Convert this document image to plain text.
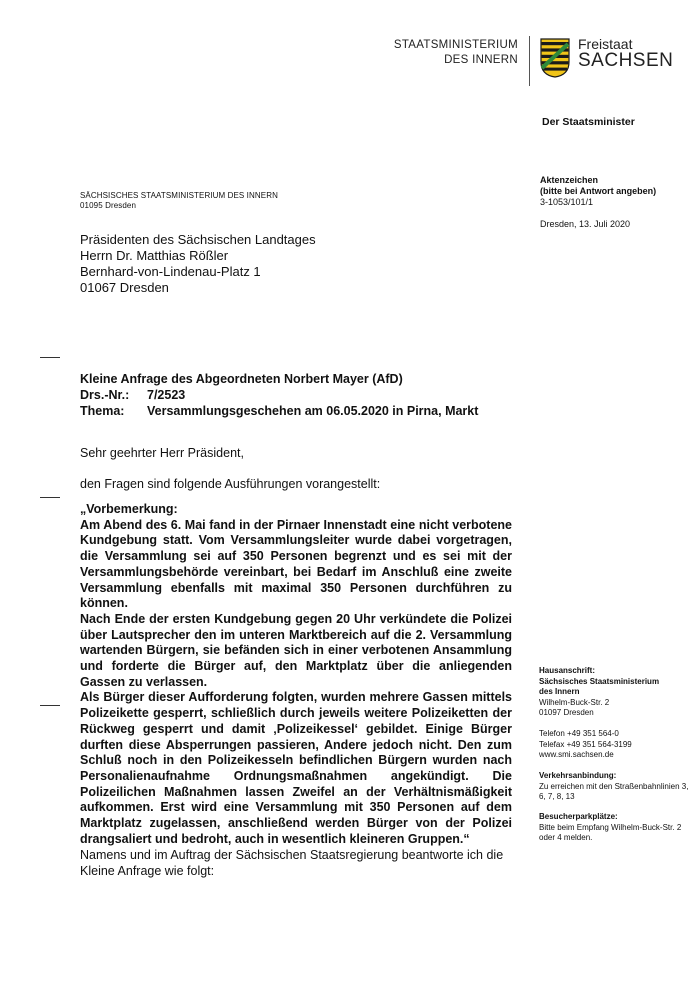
STAATSMINISTERIUM
DES INNERN
Freistaat
SACHSEN
Der Staatsminister
Aktenzeichen
(bitte bei Antwort angeben)
3-1053/101/1
Dresden, 13. Juli 2020
SÄCHSISCHES STAATSMINISTERIUM DES INNERN
01095 Dresden
Präsidenten des Sächsischen Landtages
Herrn Dr. Matthias Rößler
Bernhard-von-Lindenau-Platz 1
01067 Dresden
Kleine Anfrage des Abgeordneten Norbert Mayer (AfD)
Drs.-Nr.: 7/2523
Thema: Versammlungsgeschehen am 06.05.2020 in Pirna, Markt
Sehr geehrter Herr Präsident,
den Fragen sind folgende Ausführungen vorangestellt:

„Vorbemerkung:

Am Abend des 6. Mai fand in der Pirnaer Innenstadt eine nicht verbotene Kundgebung statt. Vom Versammlungsleiter wurde dabei vorgetragen, die Versammlung sei auf 350 Personen begrenzt und es sei mit der Versammlungsbehörde vereinbart, bei Bedarf im Anschluß eine zweite Versammlung ebenfalls mit maximal 350 Personen durchführen zu können.

Nach Ende der ersten Kundgebung gegen 20 Uhr verkündete die Polizei über Lautsprecher den im unteren Marktbereich auf die 2. Versammlung wartenden Bürgern, sie befänden sich in einer verbotenen Ansammlung und forderte die Bürger auf, den Marktplatz über die anliegenden Gassen zu verlassen.

Als Bürger dieser Aufforderung folgten, wurden mehrere Gassen mittels Polizeikette gesperrt, schließlich durch jeweils weitere Polizeiketten der Rückweg gesperrt und damit ‚Polizeikessel‘ gebildet. Einige Bürger durften diese Absperrungen passieren, Andere jedoch nicht. Den zum Schluß noch in den Polizeikesseln befindlichen Bürgern wurden nach Personalienaufnahme Ordnungsmaßnahmen angekündigt. Die Polizeilichen Maßnahmen lassen Zweifel an der Verhältnismäßigkeit aufkommen. Erst wird eine Versammlung mit 350 Personen auf dem Marktplatz zugelassen, anschließend werden Bürger von der Polizei drangsaliert und bedroht, auch in wesentlich kleineren Gruppen.“

Namens und im Auftrag der Sächsischen Staatsregierung beantworte ich die Kleine Anfrage wie folgt:
Hausanschrift:
Sächsisches Staatsministerium
des Innern
Wilhelm-Buck-Str. 2
01097 Dresden
Telefon +49 351 564-0
Telefax +49 351 564-3199
www.smi.sachsen.de
Verkehrsanbindung:
Zu erreichen mit den Straßenbahnlinien 3, 6, 7, 8, 13
Besucherparkplätze:
Bitte beim Empfang Wilhelm-Buck-Str. 2 oder 4 melden.
